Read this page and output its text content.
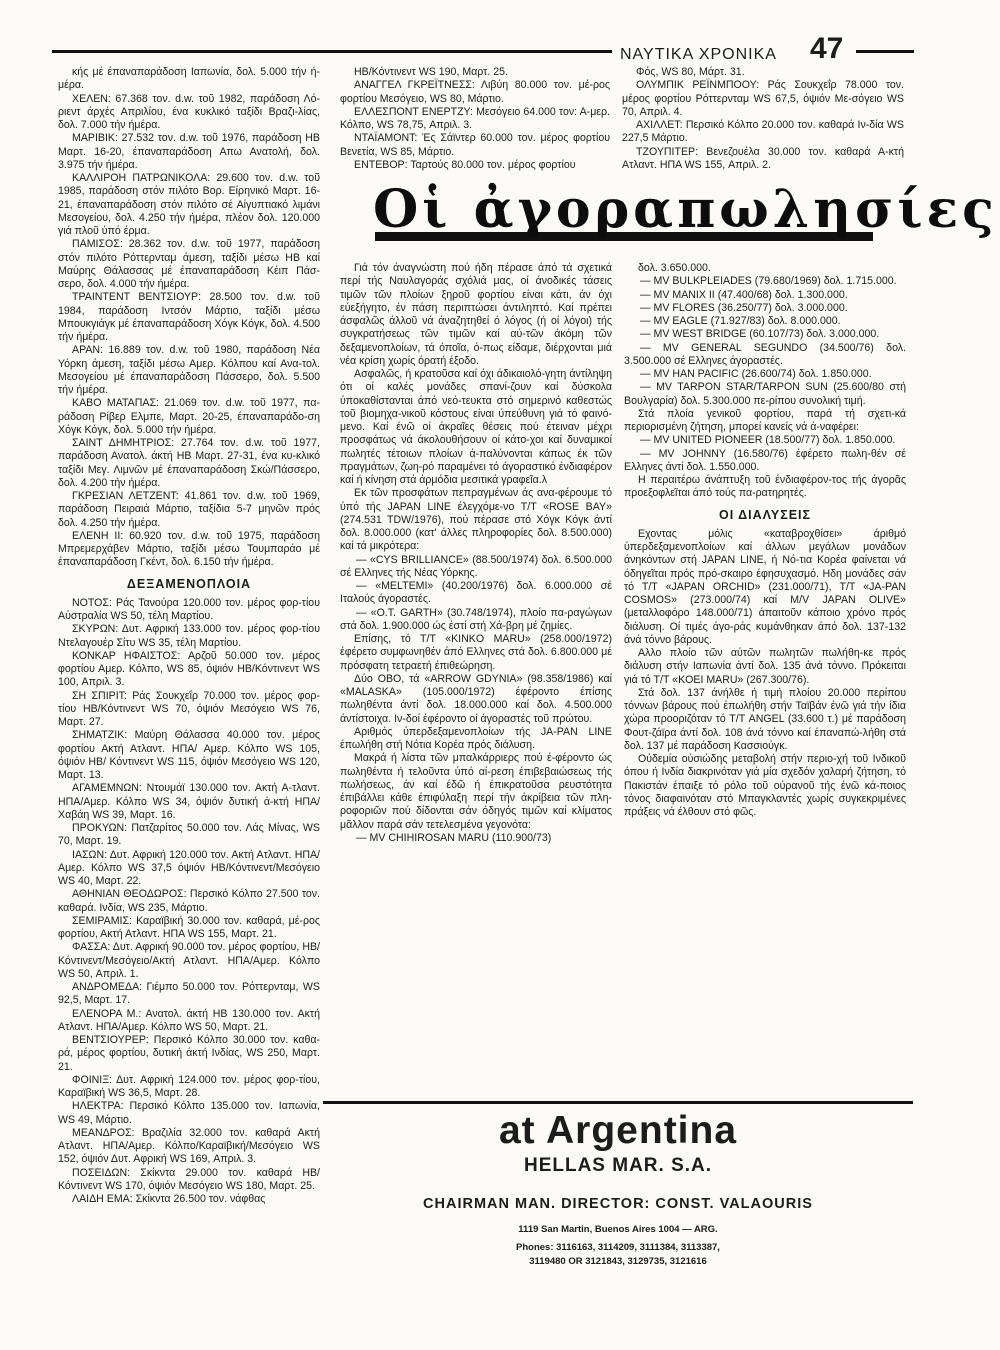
ΝΑΥΤΙΚΑ ΧΡΟΝΙΚΑ 47

κής μέ έπαναπαράδοση Ιαπωνία, δολ. 5.000 τήν ή-μέρα.

ΧΕΛΕΝ: 67.368 τον. d.w. τοῦ 1982, παράδοση Λό-ριεντ άρχές Απριλίου, ένα κυκλικό ταξίδι Βραζι-λίας, δολ. 7.000 τήν ήμέρα.

ΜΑΡΙΒΙΚ: 27.532 τον. d.w. τοῦ 1976, παράδοση HB Μαρτ. 16-20, έπαναπαράδοση Απω Ανατολή, δολ. 3.975 τήν ήμέρα.

ΚΑΛΛΙΡΟΗ ΠΑΤΡΩΝΙΚΟΛΑ: 29.600 τον. d.w. τοῦ 1985, παράδοση στόν πιλότο Βορ. Είρηνικό Μαρτ. 16-21, έπαναπαράδοση στόν πιλότο σέ Αίγυπτιακό λιμάνι Μεσογείου, δολ. 4.250 τήν ήμέρα, πλέον δολ. 120.000 γιά πλοῦ ύπό έρμα.

ΠΑΜΙΣΟΣ: 28.362 τον. d.w. τοῦ 1977, παράδοση στόν πιλότο Ρόττερνταμ άμεση, ταξίδι μέσω HB καί Μαύρης Θάλασσας μέ έπαναπαράδοση Κέιπ Πάσ-σερο, δολ. 4.000 τήν ήμέρα.

ΤΡΑΙΝΤΕΝΤ ΒΕΝΤΣΙΟΥΡ: 28.500 τον. d.w. τοῦ 1984, παράδοση Ιντσόν Μάρτιο, ταξίδι μέσω Μπουκγιάγκ μέ έπαναπαράδοση Χόγκ Κόγκ, δολ. 4.500 τήν ήμέρα.

ΑΡΑΝ: 16.889 τον. d.w. τοῦ 1980, παράδοση Νέα Υόρκη άμεση, ταξίδι μέσω Αμερ. Κόλπου καί Ανα-τολ. Μεσογείου μέ έπαναπαράδοση Πάσσερο, δολ. 5.500 τήν ήμέρα.

ΚΑΒΟ ΜΑΤΑΠΑΣ: 21.069 τον. d.w. τοῦ 1977, πα-ράδοση Ρίβερ Ελμπε, Μαρτ. 20-25, έπαναπαράδο-ση Χόγκ Κόγκ, δολ. 5.000 τήν ήμέρα.

ΣΑΙΝΤ ΔΗΜΗΤΡΙΟΣ: 27.764 τον. d.w. τοῦ 1977, παράδοση Ανατολ. άκτή HB Μαρτ. 27-31, ένα κυ-κλικό ταξίδι Μεγ. Λιμνῶν μέ έπαναπαράδοση Σκώ/Πάσσερο, δολ. 4.200 τήν ήμέρα.

ΓΚΡΕΣΙΑΝ ΛΕΤΖΕΝΤ: 41.861 τον. d.w. τοῦ 1969, παράδοση Πειραιά Μάρτιο, ταξίδια 5-7 μηνῶν πρός δολ. 4.250 τήν ήμέρα.

ΕΛΕΝΗ ΙΙ: 60.920 τον. d.w. τοῦ 1975, παράδοση Μπρεμερχάβεν Μάρτιο, ταξίδι μέσω Τουμπαράο μέ έπαναπαράδοση Γκέντ, δολ. 6.150 τήν ήμέρα.

ΔΕΞΑΜΕΝΟΠΛΟΙΑ

ΝΟΤΟΣ: Ράς Τανούρα 120.000 τον. μέρος φορ-τίου Αύστραλία WS 50, τέλη Μαρτίου.

ΣΚΥΡΩΝ: Δυτ. Αφρική 133.000 τον. μέρος φορ-τίου Ντελαγουέρ Σίτυ WS 35, τέλη Μαρτίου.

ΚΟΝΚΑΡ ΗΦΑΙΣΤΟΣ: Αρζοῦ 50.000 τον. μέρος φορτίου Αμερ. Κόλπο, WS 85, όψιόν HB/Κόντινεντ WS 100, Απριλ. 3.

ΣΗ ΣΠΙΡΙΤ: Ράς Σουκχεΐρ 70.000 τον. μέρος φορ-τίου HB/Κόντινεντ WS 70, όψιόν Μεσόγειο WS 76, Μαρτ. 27.

ΣΗΜΑΤΖΙΚ: Μαύρη Θάλασσα 40.000 τον. μέρος φορτίου Ακτή Ατλαντ. ΗΠΑ/ Αμερ. Κόλπο WS 105, όψιόν HB/ Κόντινεντ WS 115, όψιόν Μεσόγειο WS 120, Μαρτ. 13.

ΑΓΑΜΕΜΝΩΝ: Ντουμάϊ 130.000 τον. Ακτή Α-τλαντ. ΗΠΑ/Αμερ. Κόλπο WS 34, όψιόν δυτική ά-κτή ΗΠΑ/Χαβάη WS 39, Μαρτ. 16.

ΠΡΟΚΥΩΝ: Πατζαρίτος 50.000 τον. Λάς Μίνας, WS 70, Μαρτ. 19.

ΙΑΣΩΝ: Δυτ. Αφρική 120.000 τον. Ακτή Ατλαντ. ΗΠΑ/Αμερ. Κόλπο WS 37,5 όψιόν HB/Κόντινεντ/Μεσόγειο WS 40, Μαρτ. 22.

ΑΘΗΝΙΑΝ ΘΕΟΔΩΡΟΣ: Περσικό Κόλπο 27.500 τον. καθαρά. Ινδία, WS 235, Μάρτιο.

ΣΕΜΙΡΑΜΙΣ: Καραϊβική 30.000 τον. καθαρά, μέ-ρος φορτίου, Ακτή Ατλαντ. ΗΠΑ WS 155, Μαρτ. 21.

ΦΑΣΣΑ: Δυτ. Αφρική 90.000 τον. μέρος φορτίου, HB/Κόντινεντ/Μεσόγειο/Ακτή Ατλαντ. ΗΠΑ/Αμερ. Κόλπο WS 50, Απριλ. 1.

ΑΝΔΡΟΜΕΔΑ: Γιέμπο 50.000 τον. Ρόττερνταμ, WS 92,5, Μαρτ. 17.

ΕΛΕΝΟΡΑ Μ.: Ανατολ. άκτή HB 130.000 τον. Ακτή Ατλαντ. ΗΠΑ/Αμερ. Κόλπο WS 50, Μαρτ. 21.

ΒΕΝΤΣΙΟΥΡΕΡ: Περσικό Κόλπο 30.000 τον. καθα-ρά, μέρος φορτίου, δυτική άκτή Ινδίας, WS 250, Μαρτ. 21.

ΦΟΙΝΙΞ: Δυτ. Αφρική 124.000 τον. μέρος φορ-τίου, Καραϊβική WS 36,5, Μαρτ. 28.

ΗΛΕΚΤΡΑ: Περσικό Κόλπο 135.000 τον. Ιαπωνία, WS 49, Μάρτιο.

ΜΕΑΝΔΡΟΣ: Βραζιλία 32.000 τον. καθαρά Ακτή Ατλαντ. ΗΠΑ/Αμερ. Κόλπο/Καραϊβική/Μεσόγειο WS 152, όψιόν Δυτ. Αφρική WS 169, Απριλ. 3.

ΠΟΣΕΙΔΩΝ: Σκίκντα 29.000 τον. καθαρά HB/Κόντινεντ WS 170, όψιόν Μεσόγειο WS 180, Μαρτ. 25.

ΛΑΙΔΗ ΕΜΑ: Σκίκντα 26.500 τον. νάφθας

HB/Κόντινεντ WS 190, Μαρτ. 25.

ΑΝΑΓΓΕΛ ΓΚΡΕΪΤΝΕΣΣ: Λιβύη 80.000 τον. μέ-ρος φορτίου Μεσόγειο, WS 80, Μάρτιο.

ΕΛΛΕΣΠΟΝΤ ΕΝΕΡΤΖΥ: Μεσόγειο 64.000 τον: Α-μερ. Κόλπο, WS 78,75, Απριλ. 3.

ΝΤΑΪΑΜΟΝΤ: Ές Σάϊντερ 60.000 τον. μέρος φορτίου Βενετία, WS 85, Μάρτιο.

ΕΝΤΕΒΟΡ: Ταρτούς 80.000 τον. μέρος φορτίου

Φός, WS 80, Μάρτ. 31.

ΟΛΥΜΠΙΚ ΡΕΪΝΜΠΟΟΥ: Ράς Σουκχεΐρ 78.000 τον. μέρος φορτίου Ρόττερνταμ WS 67,5, όψιόν Με-σόγειο WS 70, Απριλ. 4.

ΑΧΙΛΛΕΤ: Περσικό Κόλπο 20.000 τον. καθαρά Ιν-δία WS 227,5 Μάρτιο.

ΤΖΟΥΠΙΤΕΡ: Βενεζουέλα 30.000 τον. καθαρά Α-κτή Ατλαντ. ΗΠΑ WS 155, Απριλ. 2.

Οἱ ἀγοραπωλησίες

Γιά τόν άναγνώστη πού ήδη πέρασε άπό τά σχετικά περί τής Ναυλαγοράς σχόλιά μας, οί άνοδικές τάσεις τιμῶν τῶν πλοίων ξηροῦ φορτίου είναι κάτι, άν όχι εύεξήγητο, έν πάση περιπτώσει άντιληπτό. Καί πρέπει άσφαλῶς άλλοῦ νά άναζητηθεί ό λόγος (ή οί λόγοι) τής συγκρατήσεως τῶν τιμῶν καί αύ-τῶν άκόμη τῶν δεξαμενοπλοίων, τά όποῖα, ό-πως είδαμε, διέρχονται μιά νέα κρίση χωρίς όρατή έξοδο.

Ασφαλῶς, ή κρατοῦσα καί όχι άδικαιολό-γητη άντίληψη ότι οί καλές μονάδες σπανί-ζουν καί δύσκολα ύποκαθίστανται άπό νεό-τευκτα στό σημερινό καθεστώς τοῦ βιομηχα-νικοῦ κόστους είναι ύπεύθυνη γιά τό φαινό-μενο. Καί ένῶ οί άκραῖες θέσεις πού έτειναν μέχρι προσφάτως νά άκολουθήσουν οί κάτο-χοι καί δυναμικοί πωλητές τέτοιων πλοίων ά-παλύνονται κάπως έκ τῶν πραγμάτων, ζωη-ρό παραμένει τό άγοραστικό ένδιαφέρον καί ή κίνηση στά άρμόδια μεσιτικά γραφεῖα.λ

Εκ τῶν προσφάτων πεπραγμένων άς ανα-φέρουμε τό ύπό τής JAPAN LINE έλεγχόμε-νο Τ/Τ «ROSE BAY» (274.531 TDW/1976), πού πέρασε στό Χόγκ Κόγκ άντί δολ. 8.000.000 (κατ' άλλες πληροφορίες δολ. 8.500.000) καί τά μικρότερα:

— «CYS BRILLIANCE» (88.500/1974) δολ. 6.500.000 σέ Ελληνες τής Νέας Υόρκης.

— «MELTEMI» (40.200/1976) δολ. 6.000.000 σέ Ιταλούς άγοραστές.

— «O.T. GARTH» (30.748/1974), πλοίο πα-ραγώγων στά δολ. 1.900.000 ώς έστί στή Χά-βρη μέ ζημίες.

Επίσης, τό Τ/Τ «KINKO MARU» (258.000/1972) έφέρετο συμφωνηθέν άπό Ελληνες στά δολ. 6.800.000 μέ πρόσφατη τετραετή έπιθεώρηση.

Δύο OBO, τά «ARROW GDYNIA» (98.358/1986) καί «MALASKA» (105.000/1972) έφέροντο έπίσης πωληθέντα άντί δολ. 18.000.000 καί δολ. 4.500.000 άντίστοιχα. Ιν-δοί έφέροντο οί άγοραστές τοῦ πρώτου.

Αριθμός ύπερδεξαμενοπλοίων τής JA-PAN LINE έπωλήθη στή Νότια Κορέα πρός διάλυση.

Μακρά ή λίστα τῶν μπαλκάρριερς πού έ-φέροντο ώς πωληθέντα ή τελοῦντα ύπό αί-ρεση έπιβεβαιώσεως τής πωλήσεως, άν καί έδῶ ή έπικρατοῦσα ρευστότητα έπιβάλλει κάθε έπιφύλαξη περί τήν άκρίβεια τῶν πλη-ροφοριῶν πού δίδονται σάν όδηγός τιμῶν καί κλίματος μᾶλλον παρά σάν τετελεσμένα γεγονότα:

— MV CHIHIROSAN MARU (110.900/73)

δολ. 3.650.000.

— MV BULKPLEIADES (79.680/1969) δολ. 1.715.000.

— MV MANIX II (47.400/68) δολ. 1.300.000.

— MV FLORES (36.250/77) δολ. 3.000.000.

— MV EAGLE (71.927/83) δολ. 8.000.000.

— MV WEST BRIDGE (60.107/73) δολ. 3.000.000.

— MV GENERAL SEGUNDO (34.500/76) δολ. 3.500.000 σέ Ελληνες άγοραστές.

— MV HAN PACIFIC (26.600/74) δολ. 1.850.000.

— MV TARPON STAR/TARPON SUN (25.600/80 στή Βουλγαρία) δολ. 5.300.000 πε-ρίπου συνολική τιμή.

Στά πλοία γενικοῦ φορτίου, παρά τή σχετι-κά περιορισμένη ζήτηση, μπορεί κανείς νά ά-ναφέρει:

— MV UNITED PIONEER (18.500/77) δολ. 1.850.000.

— MV JOHNNY (16.580/76) έφέρετο πωλη-θέν σέ Ελληνες άντί δολ. 1.550.000.

Η περαιτέρω άνάπτυξη τοῦ ένδιαφέρον-τος τής άγορᾶς προεξοφλεῖται άπό τούς πα-ρατηρητές.

ΟΙ ΔΙΑΛΥΣΕΙΣ

Εχοντας μόλις «καταβροχθίσει» άριθμό ύπερδεξαμενοπλοίων καί άλλων μεγάλων μονάδων άνηκόντων στή JAPAN LINE, ή Νό-τια Κορέα φαίνεται νά όδηγεῖται πρός πρό-σκαιρο έφησυχασμό. Ηδη μονάδες σάν τό Τ/Τ «JAPAN ORCHID» (231.000/71), Τ/Τ «JA-PAN COSMOS» (273.000/74) καί M/V JAPAN OLIVE» (μεταλλοφόρο 148.000/71) άπαιτοῦν κάποιο χρόνο πρός διάλυση. Οί τιμές άγο-ράς κυμάνθηκαν άπό δολ. 137-132 άνά τόννο βάρους.

Αλλο πλοίο τῶν αύτῶν πωλητῶν πωλήθη-κε πρός διάλυση στήν Ιαπωνία άντί δολ. 135 άνά τόννο. Πρόκειται γιά τό Τ/Τ «KOEI MARU» (267.300/76).

Στά δολ. 137 άνήλθε ή τιμή πλοίου 20.000 περίπου τόννων βάρους πού έπωλήθη στήν Ταϊβάν ένῶ γιά τήν ίδια χώρα προοριζόταν τό Τ/Τ ANGEL (33.600 τ.) μέ παράδοση Φουτ-ζάϊρα άντί δολ. 108 άνά τόννο καί έπαναπώ-λήθη στά δολ. 137 μέ παράδοση Κασσιούγκ.

Ούδεμία ούσιώδης μεταβολή στήν περιο-χή τοῦ Ινδικοῦ όπου ή Ινδία διακρινόταν γιά μία σχεδόν χαλαρή ζήτηση, τό Πακιστάν έπαιξε τό ρόλο τοῦ ούρανοῦ τής ένῶ κά-ποιος τόνος διαφαινόταν στό Μπαγκλαντές χωρίς συγκεκριμένες πράξεις νά έλθουν στό φῶς.

at Argentina
HELLAS MAR. S.A.
CHAIRMAN MAN. DIRECTOR: CONST. VALAOURIS
1119 San Martin, Buenos Aires 1004 — ARG.
Phones: 3116163, 3114209, 3111384, 3113387,
3119480 OR 3121843, 3129735, 3121616
